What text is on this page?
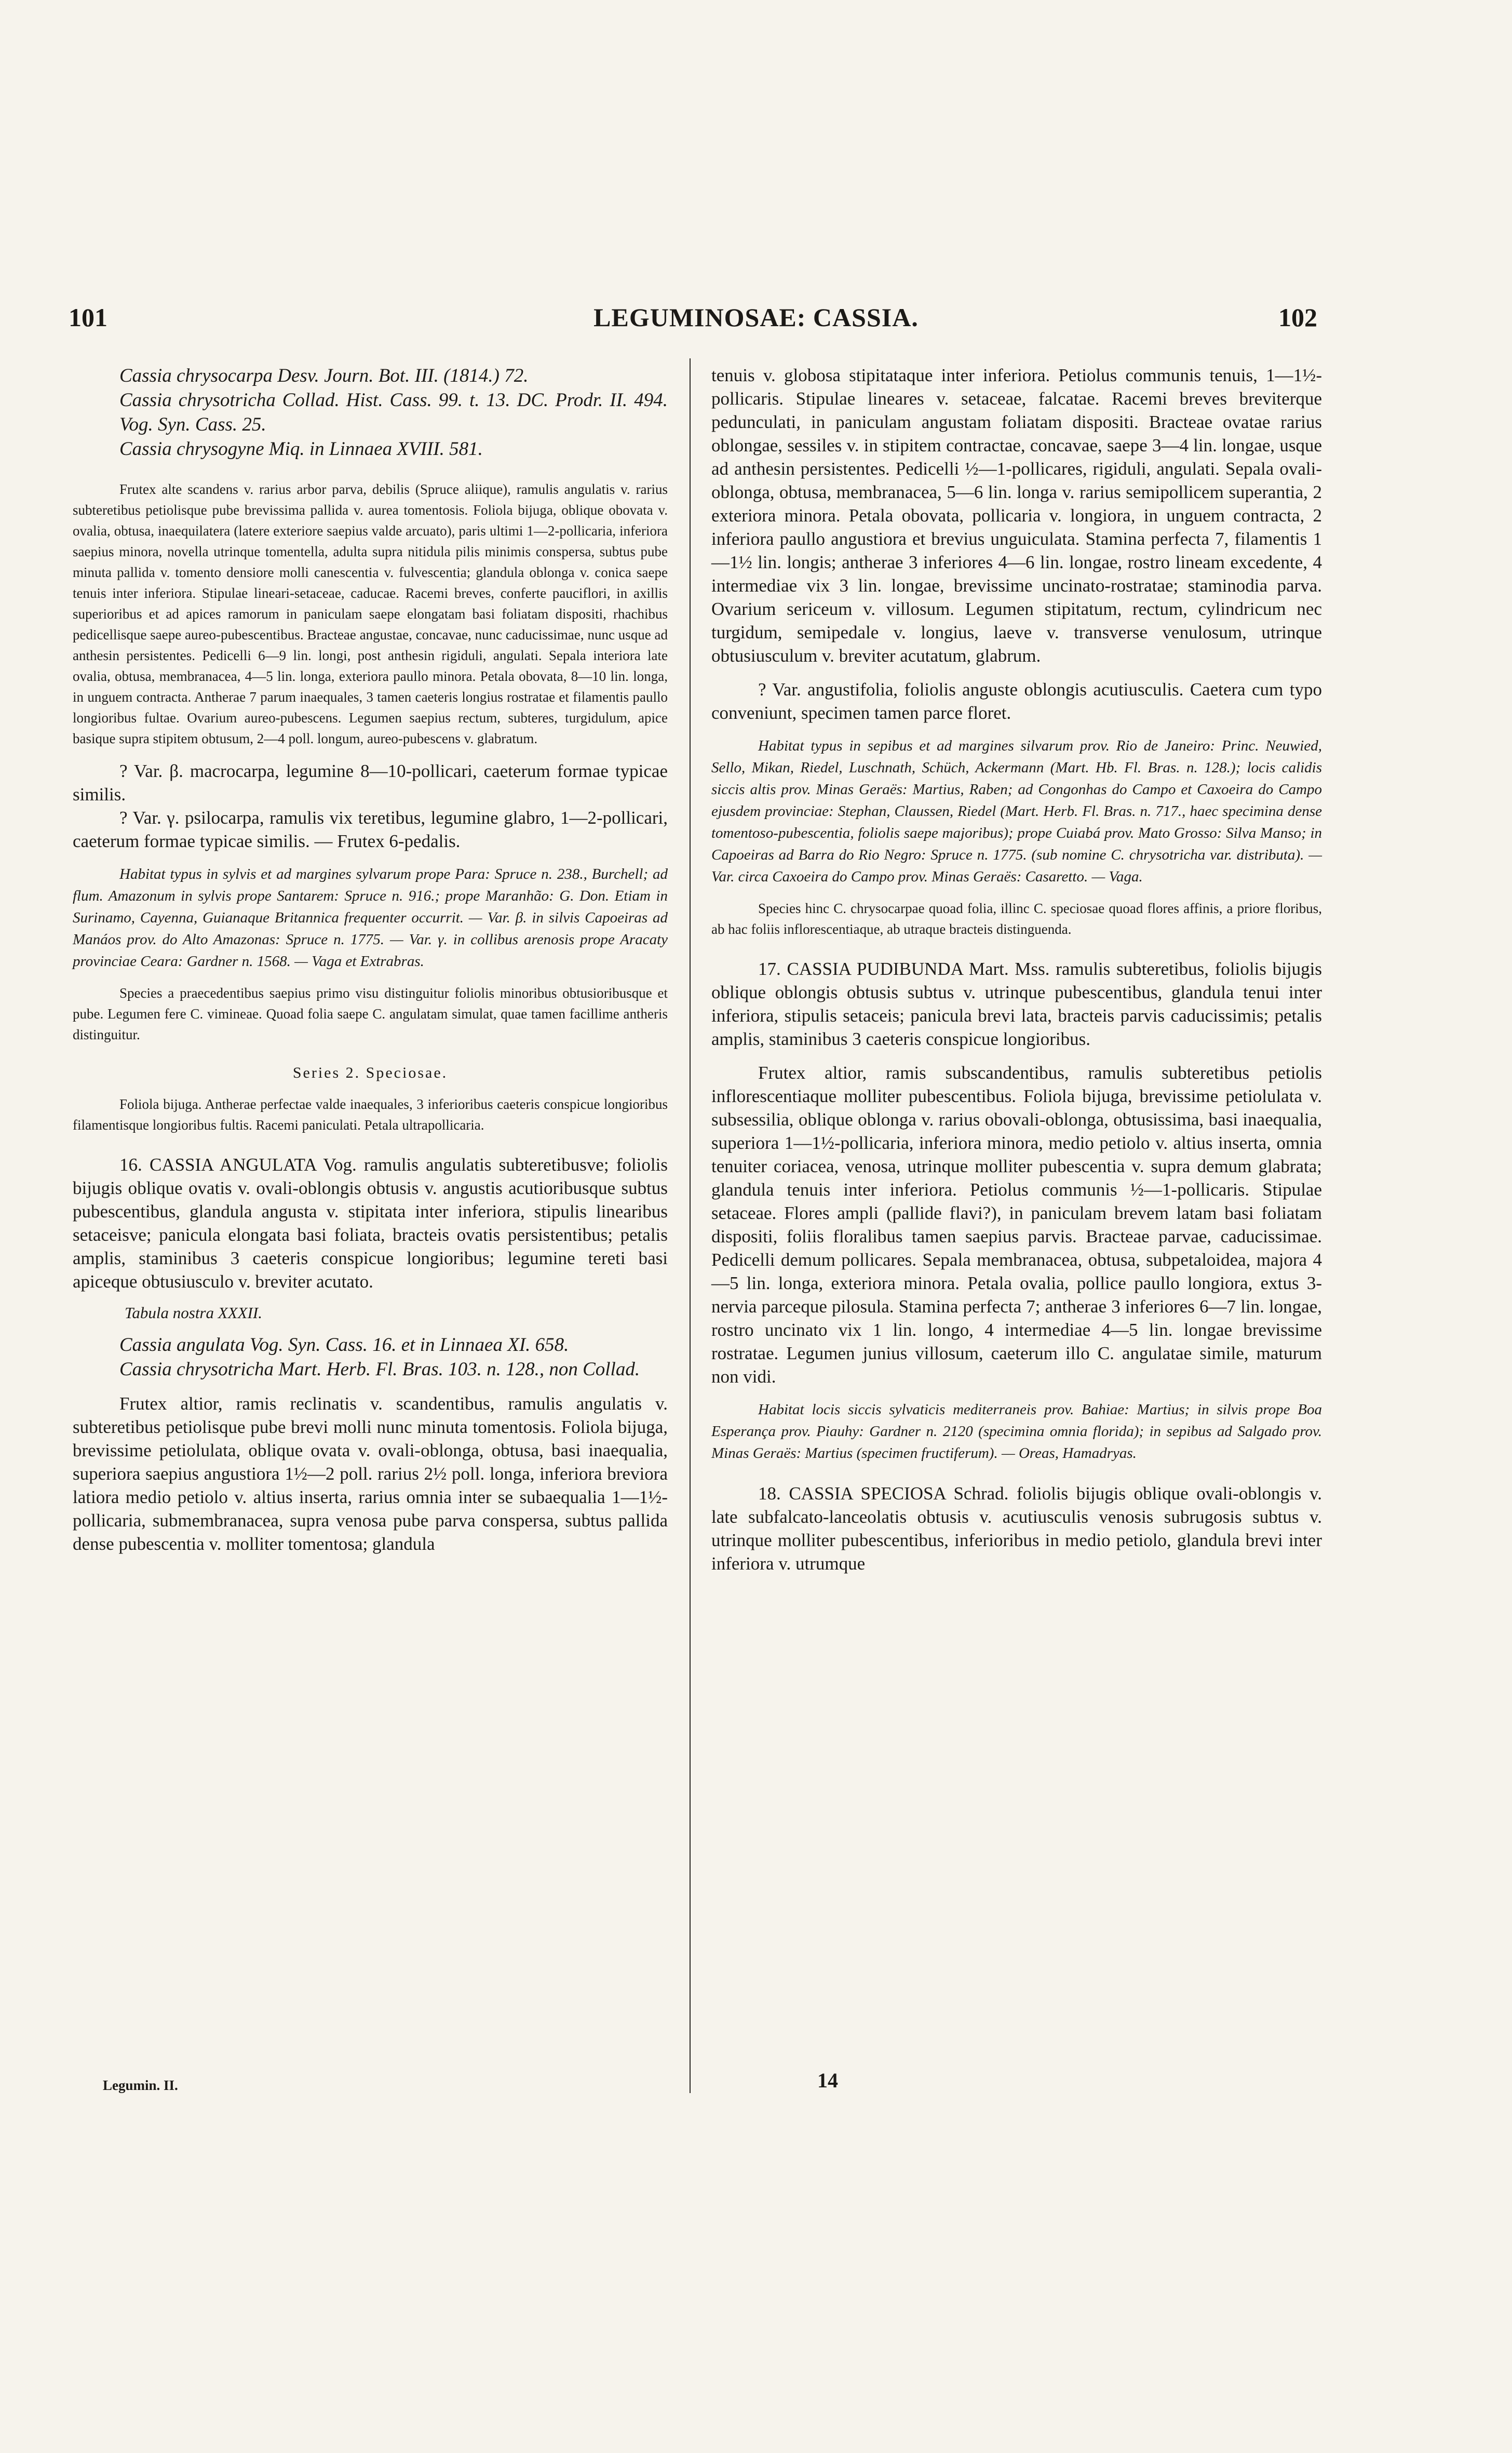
101	LEGUMINOSAE: CASSIA.	102

Cassia chrysocarpa Desv. Journ. Bot. III. (1814.) 72.

Cassia chrysotricha Collad. Hist. Cass. 99. t. 13. DC. Prodr. II. 494. Vog. Syn. Cass. 25.

Cassia chrysogyne Miq. in Linnaea XVIII. 581.

Frutex alte scandens v. rarius arbor parva, debilis (Spruce aliique), ramulis angulatis v. rarius subteretibus petiolisque pube brevissima pallida v. aurea tomentosis. Foliola bijuga, oblique obovata v. ovalia, obtusa, inaequilatera (latere exteriore saepius valde arcuato), paris ultimi 1—2-pollicaria, inferiora saepius minora, novella utrinque tomentella, adulta supra nitidula pilis minimis conspersa, subtus pube minuta pallida v. tomento densiore molli canescentia v. fulvescentia; glandula oblonga v. conica saepe tenuis inter inferiora. Stipulae lineari-setaceae, caducae. Racemi breves, conferte pauciflori, in axillis superioribus et ad apices ramorum in paniculam saepe elongatam basi foliatam dispositi, rhachibus pedicellisque saepe aureo-pubescentibus. Bracteae angustae, concavae, nunc caducissimae, nunc usque ad anthesin persistentes. Pedicelli 6—9 lin. longi, post anthesin rigiduli, angulati. Sepala interiora late ovalia, obtusa, membranacea, 4—5 lin. longa, exteriora paullo minora. Petala obovata, 8—10 lin. longa, in unguem contracta. Antherae 7 parum inaequales, 3 tamen caeteris longius rostratae et filamentis paullo longioribus fultae. Ovarium aureo-pubescens. Legumen saepius rectum, subteres, turgidulum, apice basique supra stipitem obtusum, 2—4 poll. longum, aureo-pubescens v. glabratum.

? Var. β. macrocarpa, legumine 8—10-pollicari, caeterum formae typicae similis.

? Var. γ. psilocarpa, ramulis vix teretibus, legumine glabro, 1—2-pollicari, caeterum formae typicae similis. — Frutex 6-pedalis.

Habitat typus in sylvis et ad margines sylvarum prope Para: Spruce n. 238., Burchell; ad flum. Amazonum in sylvis prope Santarem: Spruce n. 916.; prope Maranhão: G. Don. Etiam in Surinamo, Cayenna, Guianaque Britannica frequenter occurrit. — Var. β. in silvis Capoeiras ad Manáos prov. do Alto Amazonas: Spruce n. 1775. — Var. γ. in collibus arenosis prope Aracaty provinciae Ceara: Gardner n. 1568. — Vaga et Extrabras.

Species a praecedentibus saepius primo visu distinguitur foliolis minoribus obtusioribusque et pube. Legumen fere C. vimineae. Quoad folia saepe C. angulatam simulat, quae tamen facillime antheris distinguitur.

Series 2. Speciosae.

Foliola bijuga. Antherae perfectae valde inaequales, 3 inferioribus caeteris conspicue longioribus filamentisque longioribus fultis. Racemi paniculati. Petala ultrapollicaria.

16. CASSIA ANGULATA Vog. ramulis angulatis subteretibusve; foliolis bijugis oblique ovatis v. ovali-oblongis obtusis v. angustis acutioribusque subtus pubescentibus, glandula angusta v. stipitata inter inferiora, stipulis linearibus setaceisve; panicula elongata basi foliata, bracteis ovatis persistentibus; petalis amplis, staminibus 3 caeteris conspicue longioribus; legumine tereti basi apiceque obtusiusculo v. breviter acutato.

Tabula nostra XXXII.

Cassia angulata Vog. Syn. Cass. 16. et in Linnaea XI. 658.

Cassia chrysotricha Mart. Herb. Fl. Bras. 103. n. 128., non Collad.

Frutex altior, ramis reclinatis v. scandentibus, ramulis angulatis v. subteretibus petiolisque pube brevi molli nunc minuta tomentosis. Foliola bijuga, brevissime petiolulata, oblique ovata v. ovali-oblonga, obtusa, basi inaequalia, superiora saepius angustiora 1½—2 poll. rarius 2½ poll. longa, inferiora breviora latiora medio petiolo v. altius inserta, rarius omnia inter se subaequalia 1—1½-pollicaria, submembranacea, supra venosa pube parva conspersa, subtus pallida dense pubescentia v. molliter tomentosa; glandula

Legumin. II.

tenuis v. globosa stipitataque inter inferiora. Petiolus communis tenuis, 1—1½-pollicaris. Stipulae lineares v. setaceae, falcatae. Racemi breves breviterque pedunculati, in paniculam angustam foliatam dispositi. Bracteae ovatae rarius oblongae, sessiles v. in stipitem contractae, concavae, saepe 3—4 lin. longae, usque ad anthesin persistentes. Pedicelli ½—1-pollicares, rigiduli, angulati. Sepala ovali-oblonga, obtusa, membranacea, 5—6 lin. longa v. rarius semipollicem superantia, 2 exteriora minora. Petala obovata, pollicaria v. longiora, in unguem contracta, 2 inferiora paullo angustiora et brevius unguiculata. Stamina perfecta 7, filamentis 1—1½ lin. longis; antherae 3 inferiores 4—6 lin. longae, rostro lineam excedente, 4 intermediae vix 3 lin. longae, brevissime uncinato-rostratae; staminodia parva. Ovarium sericeum v. villosum. Legumen stipitatum, rectum, cylindricum nec turgidum, semipedale v. longius, laeve v. transverse venulosum, utrinque obtusiusculum v. breviter acutatum, glabrum.

? Var. angustifolia, foliolis anguste oblongis acutiusculis. Caetera cum typo conveniunt, specimen tamen parce floret.

Habitat typus in sepibus et ad margines silvarum prov. Rio de Janeiro: Princ. Neuwied, Sello, Mikan, Riedel, Luschnath, Schüch, Ackermann (Mart. Hb. Fl. Bras. n. 128.); locis calidis siccis altis prov. Minas Geraës: Martius, Raben; ad Congonhas do Campo et Caxoeira do Campo ejusdem provinciae: Stephan, Claussen, Riedel (Mart. Herb. Fl. Bras. n. 717., haec specimina dense tomentoso-pubescentia, foliolis saepe majoribus); prope Cuiabá prov. Mato Grosso: Silva Manso; in Capoeiras ad Barra do Rio Negro: Spruce n. 1775. (sub nomine C. chrysotricha var. distributa). — Var. circa Caxoeira do Campo prov. Minas Geraës: Casaretto. — Vaga.

Species hinc C. chrysocarpae quoad folia, illinc C. speciosae quoad flores affinis, a priore floribus, ab hac foliis inflorescentiaque, ab utraque bracteis distinguenda.

17. CASSIA PUDIBUNDA Mart. Mss. ramulis subteretibus, foliolis bijugis oblique oblongis obtusis subtus v. utrinque pubescentibus, glandula tenui inter inferiora, stipulis setaceis; panicula brevi lata, bracteis parvis caducissimis; petalis amplis, staminibus 3 caeteris conspicue longioribus.

Frutex altior, ramis subscandentibus, ramulis subteretibus petiolis inflorescentiaque molliter pubescentibus. Foliola bijuga, brevissime petiolulata v. subsessilia, oblique oblonga v. rarius obovali-oblonga, obtusissima, basi inaequalia, superiora 1—1½-pollicaria, inferiora minora, medio petiolo v. altius inserta, omnia tenuiter coriacea, venosa, utrinque molliter pubescentia v. supra demum glabrata; glandula tenuis inter inferiora. Petiolus communis ½—1-pollicaris. Stipulae setaceae. Flores ampli (pallide flavi?), in paniculam brevem latam basi foliatam dispositi, foliis floralibus tamen saepius parvis. Bracteae parvae, caducissimae. Pedicelli demum pollicares. Sepala membranacea, obtusa, subpetaloidea, majora 4—5 lin. longa, exteriora minora. Petala ovalia, pollice paullo longiora, extus 3-nervia parceque pilosula. Stamina perfecta 7; antherae 3 inferiores 6—7 lin. longae, rostro uncinato vix 1 lin. longo, 4 intermediae 4—5 lin. longae brevissime rostratae. Legumen junius villosum, caeterum illo C. angulatae simile, maturum non vidi.

Habitat locis siccis sylvaticis mediterraneis prov. Bahiae: Martius; in silvis prope Boa Esperança prov. Piauhy: Gardner n. 2120 (specimina omnia florida); in sepibus ad Salgado prov. Minas Geraës: Martius (specimen fructiferum). — Oreas, Hamadryas.

18. CASSIA SPECIOSA Schrad. foliolis bijugis oblique ovali-oblongis v. late subfalcato-lanceolatis obtusis v. acutiusculis venosis subrugosis subtus v. utrinque molliter pubescentibus, inferioribus in medio petiolo, glandula brevi inter inferiora v. utrumque

14
